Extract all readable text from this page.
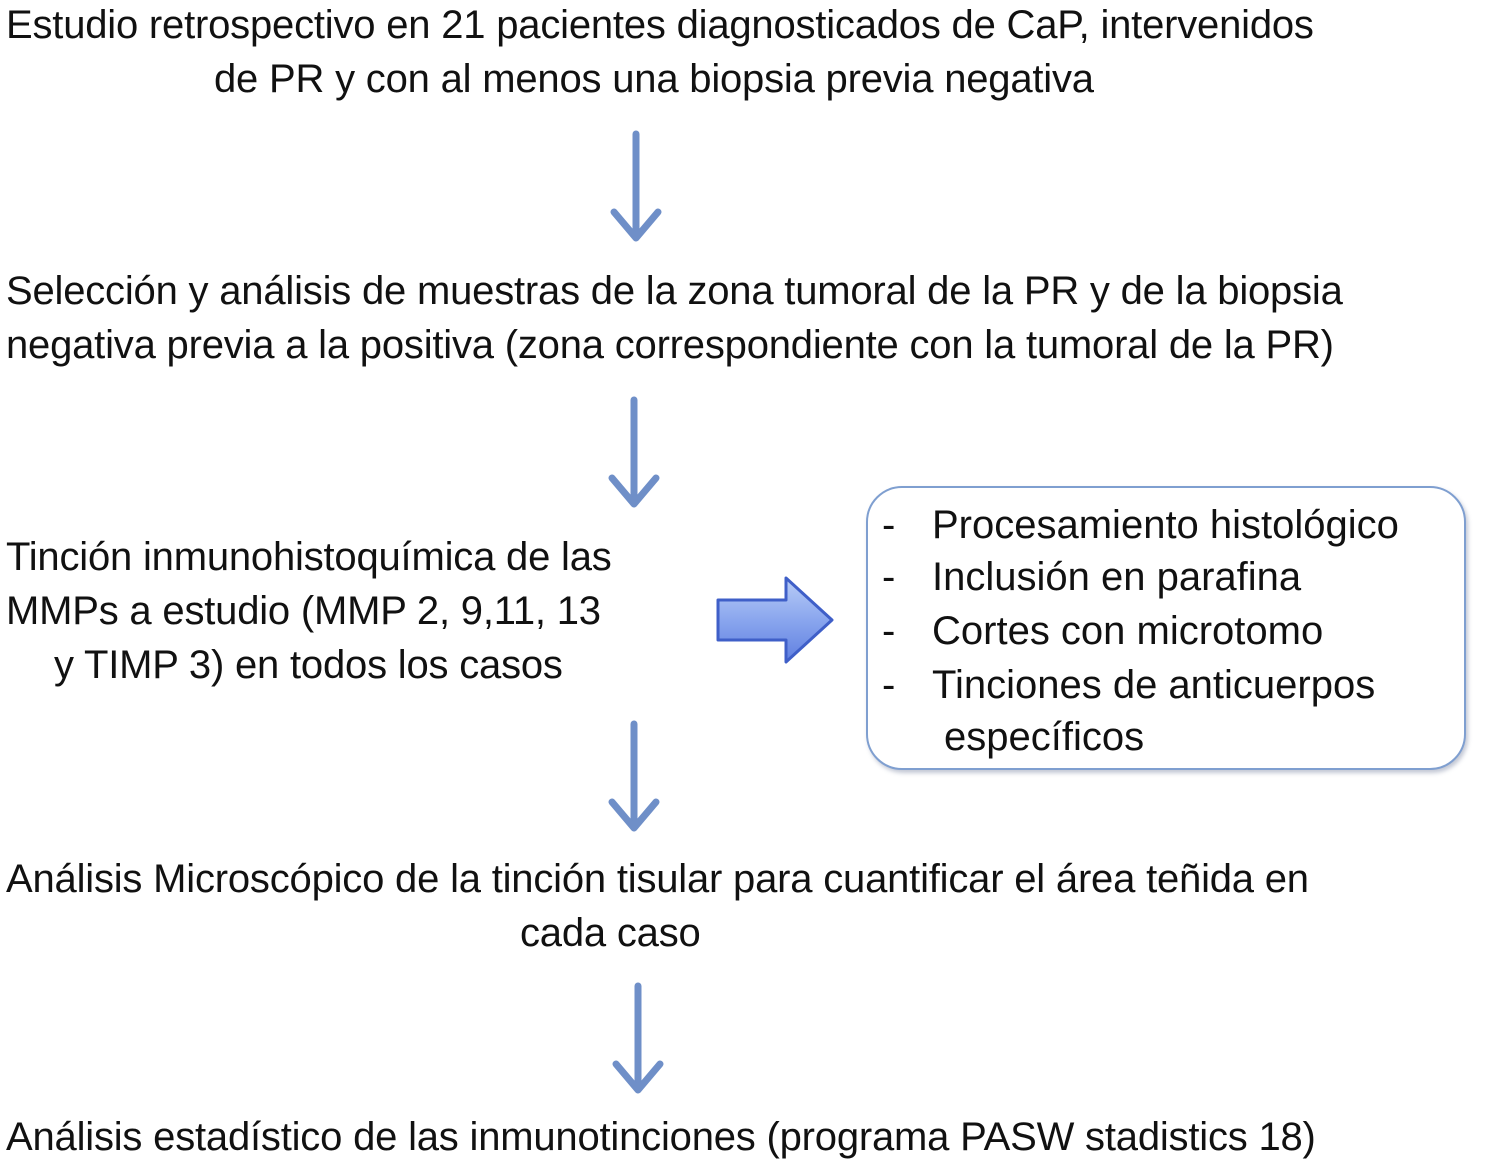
Estudio retrospectivo en 21 pacientes diagnosticados de CaP, intervenidos
de PR y con al menos una biopsia previa negativa
Selección y análisis de muestras de la zona tumoral de la PR y de la biopsia
negativa previa a la positiva (zona correspondiente con la tumoral de la PR)
Tinción inmunohistoquímica de las
MMPs a estudio (MMP 2, 9,11, 13
y TIMP 3) en todos los casos
- Procesamiento histológico
- Inclusión en parafina
- Cortes con microtomo
- Tinciones de anticuerpos
específicos
Análisis Microscópico de la tinción tisular para cuantificar el área teñida en
cada caso
Análisis estadístico de las inmunotinciones (programa PASW stadistics 18)
